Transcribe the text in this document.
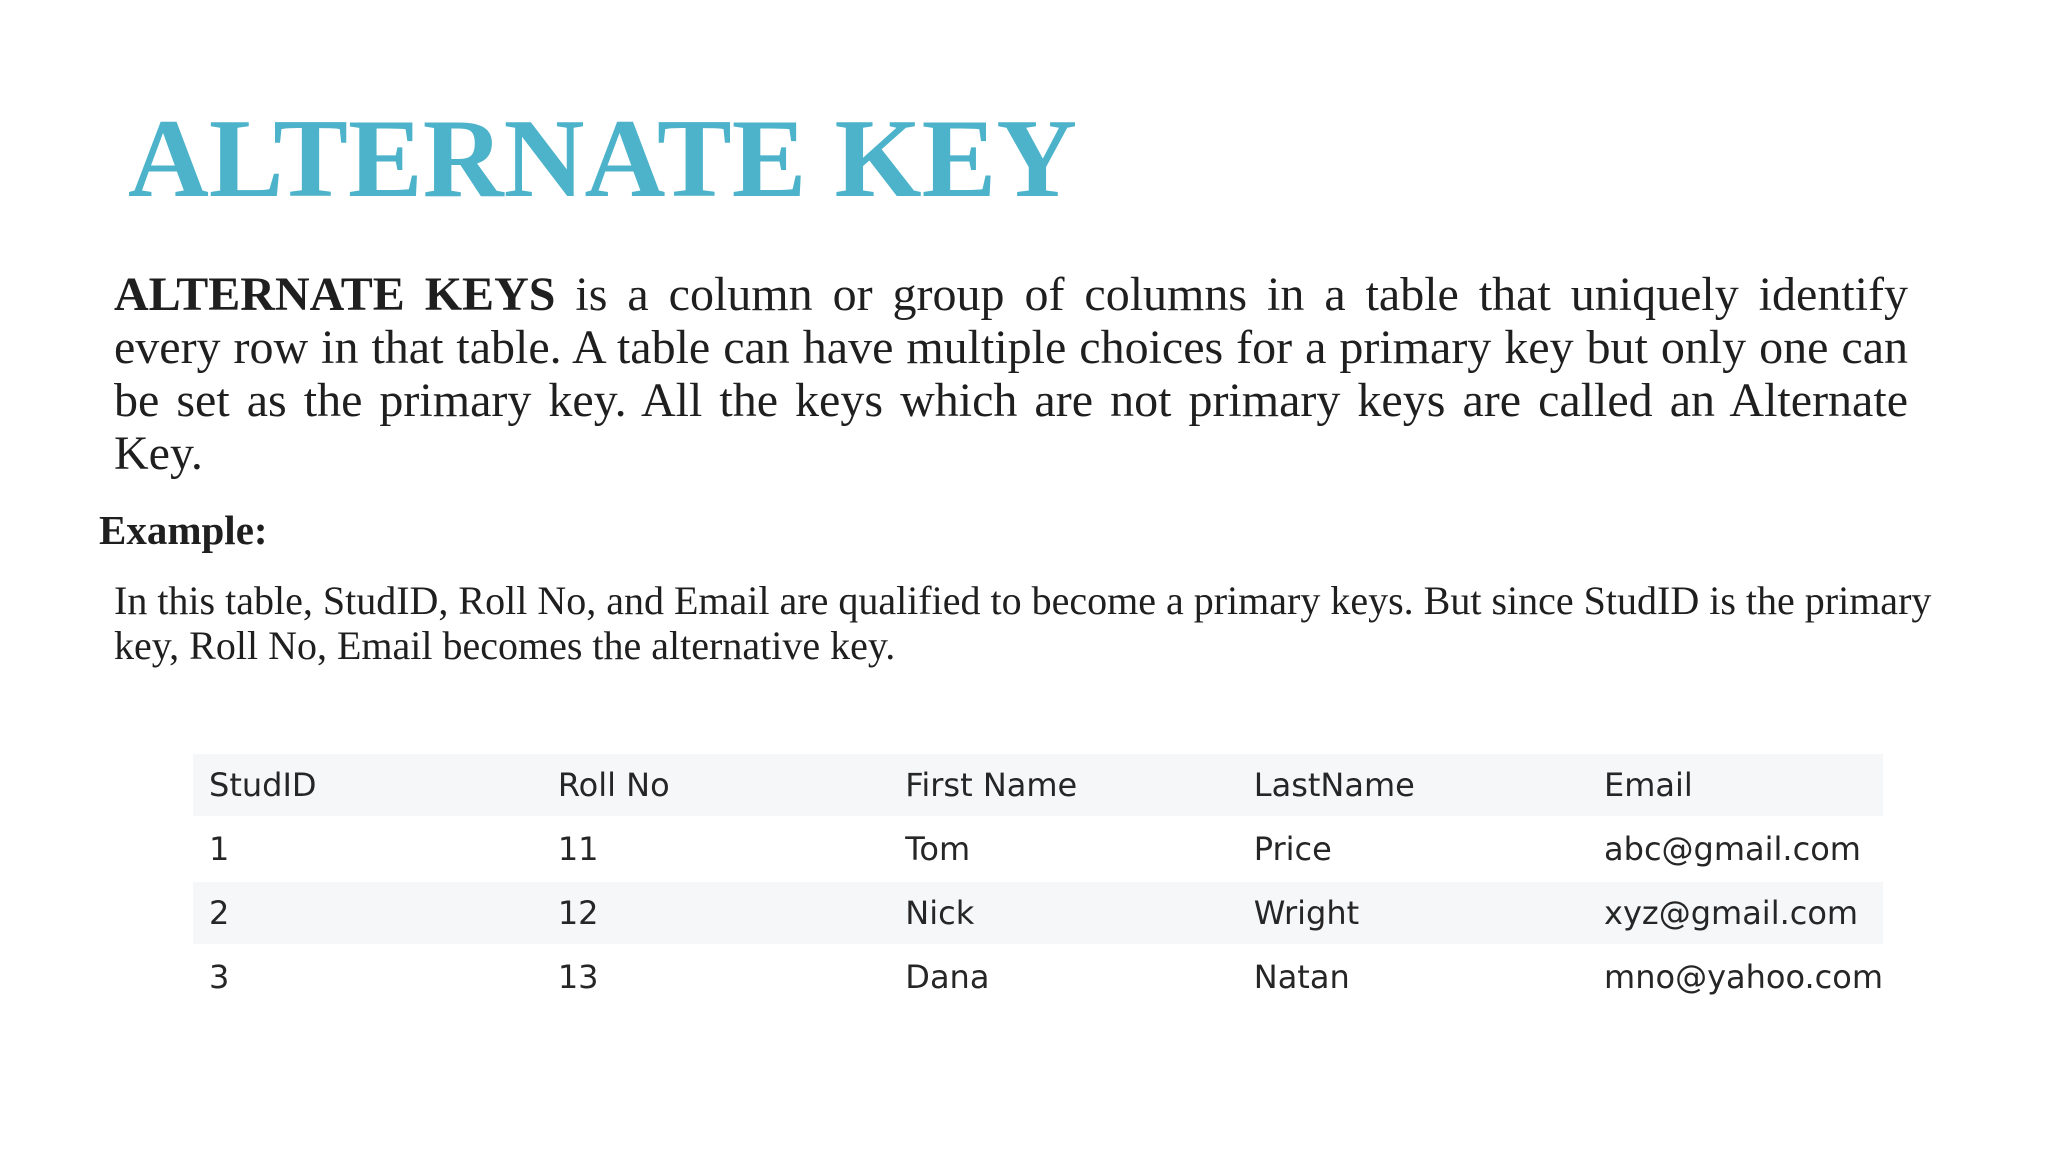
ALTERNATE KEY

ALTERNATE KEYS is a column or group of columns in a table that uniquely identify every row in that table. A table can have multiple choices for a primary key but only one can be set as the primary key. All the keys which are not primary keys are called an Alternate Key.

Example:

In this table, StudID, Roll No, and Email are qualified to become a primary keys. But since StudID is the primary key, Roll No, Email becomes the alternative key.

StudID	Roll No	First Name	LastName	Email
1	11	Tom	Price	abc@gmail.com
2	12	Nick	Wright	xyz@gmail.com
3	13	Dana	Natan	mno@yahoo.com
